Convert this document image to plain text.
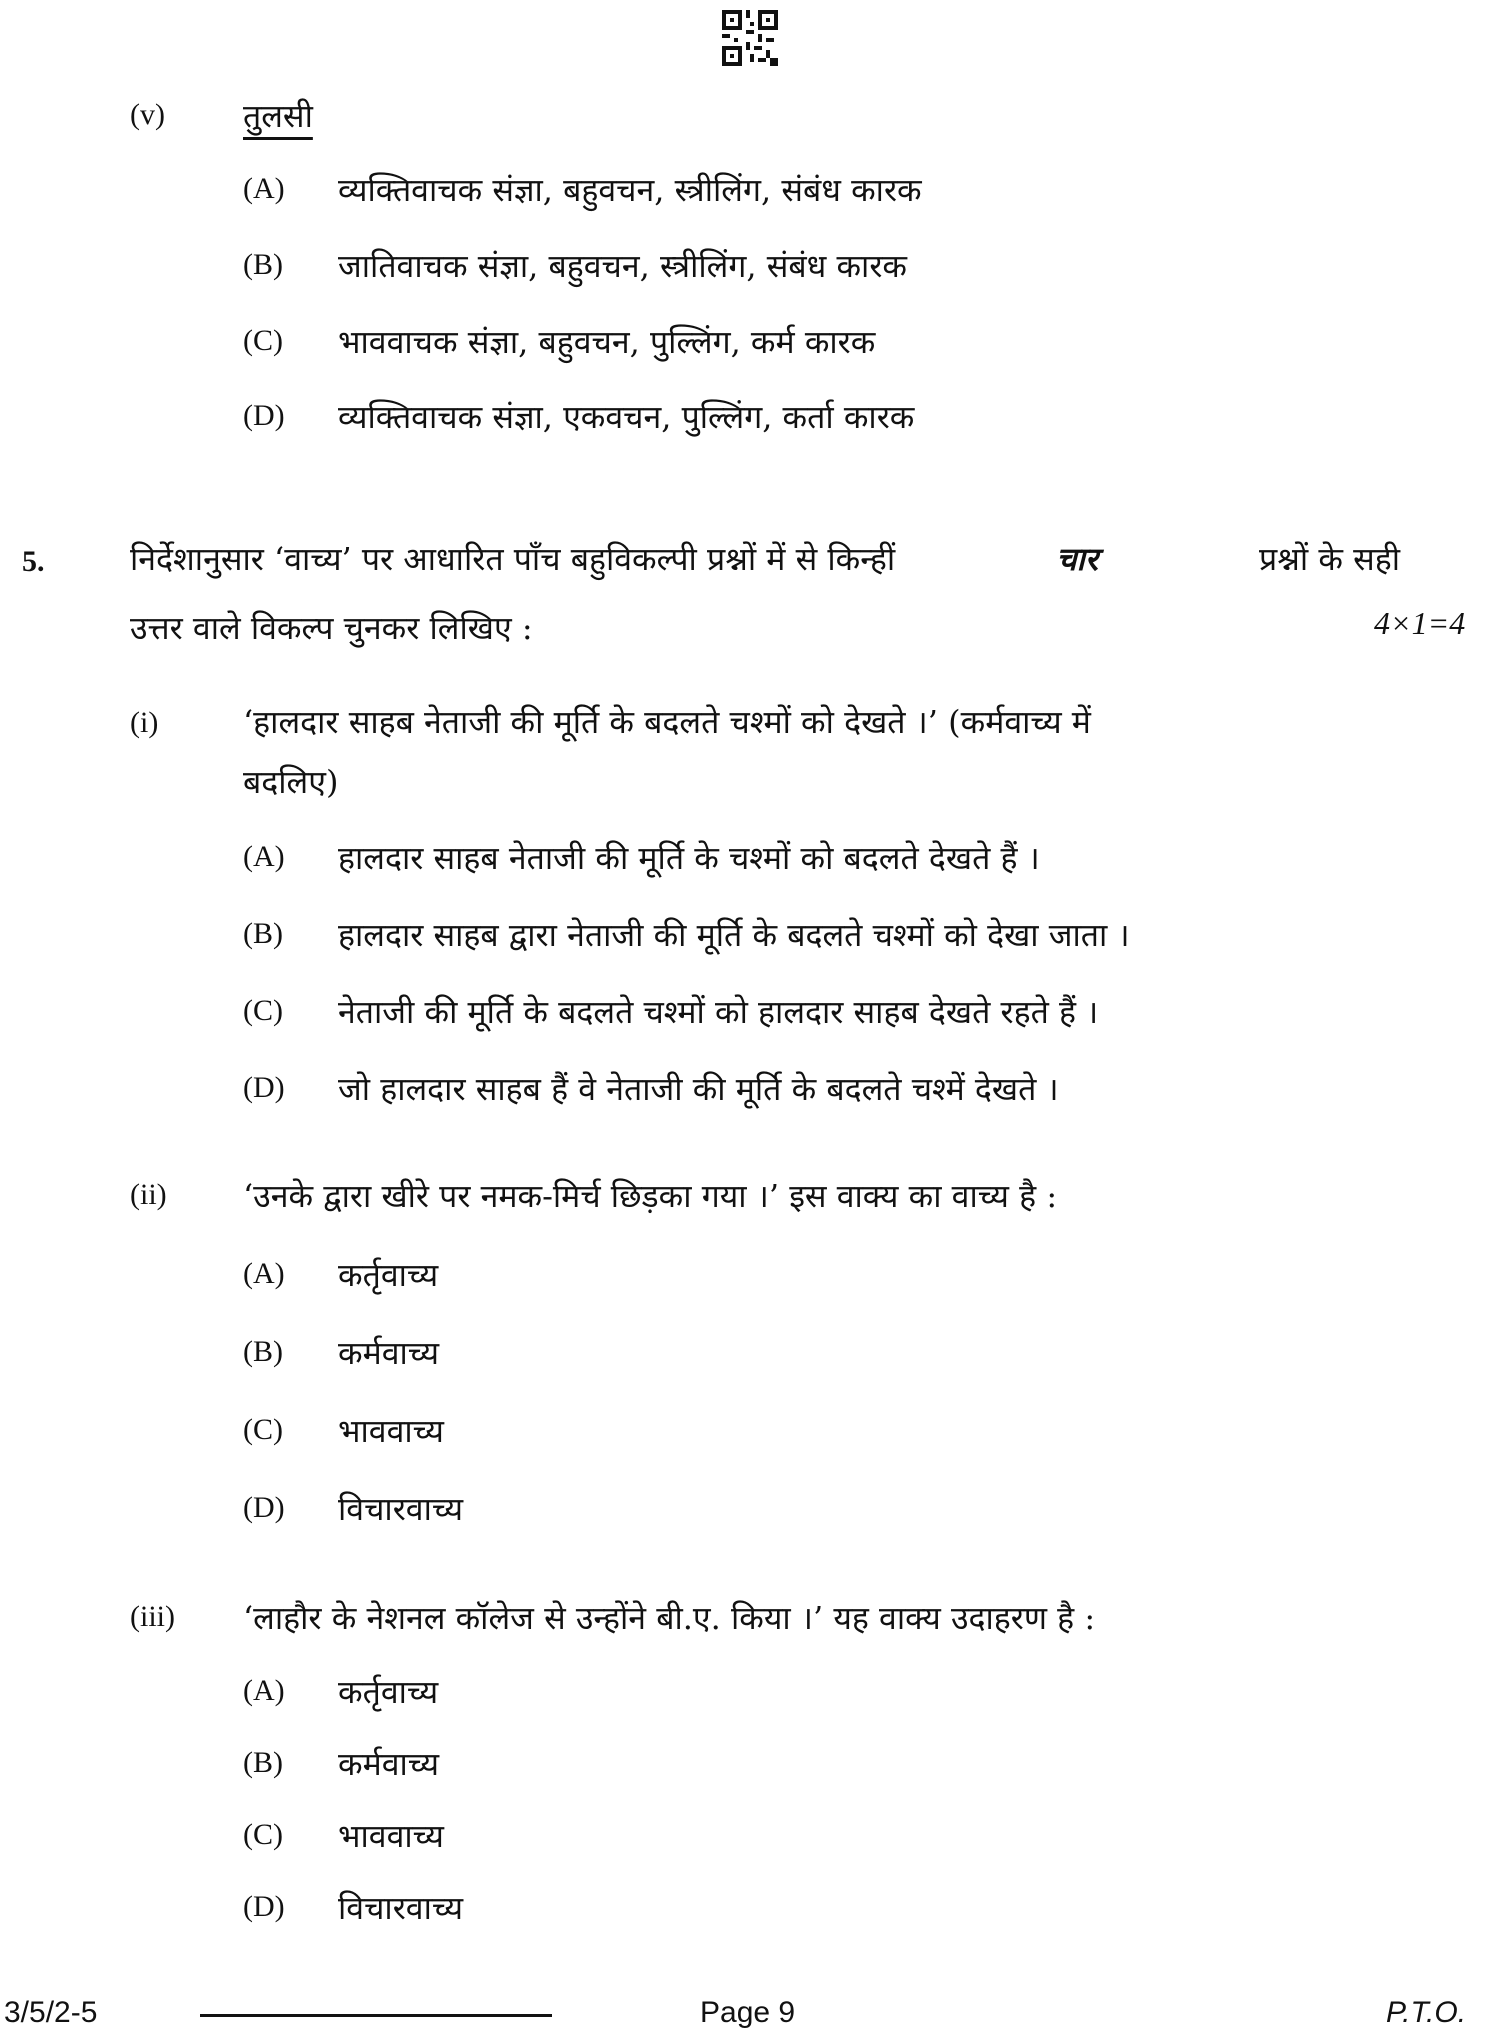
(v) तुलसी
(A) व्यक्तिवाचक संज्ञा, बहुवचन, स्त्रीलिंग, संबंध कारक
(B) जातिवाचक संज्ञा, बहुवचन, स्त्रीलिंग, संबंध कारक
(C) भाववाचक संज्ञा, बहुवचन, पुल्लिंग, कर्म कारक
(D) व्यक्तिवाचक संज्ञा, एकवचन, पुल्लिंग, कर्ता कारक
5.	निर्देशानुसार ‘वाच्य’ पर आधारित पाँच बहुविकल्पी प्रश्नों में से किन्हीं	चार	प्रश्नों के सही
उत्तर वाले विकल्प चुनकर लिखिए :	4×1=4
(i)	‘हालदार साहब नेताजी की मूर्ति के बदलते चश्मों को देखते ।’ (कर्मवाच्य में
बदलिए)
(A) हालदार साहब नेताजी की मूर्ति के चश्मों को बदलते देखते हैं ।
(B) हालदार साहब द्वारा नेताजी की मूर्ति के बदलते चश्मों को देखा जाता ।
(C) नेताजी की मूर्ति के बदलते चश्मों को हालदार साहब देखते रहते हैं ।
(D) जो हालदार साहब हैं वे नेताजी की मूर्ति के बदलते चश्में देखते ।
(ii) ‘उनके द्वारा खीरे पर नमक-मिर्च छिड़का गया ।’ इस वाक्य का वाच्य है :
(A) कर्तृवाच्य
(B) कर्मवाच्य
(C) भाववाच्य
(D) विचारवाच्य
(iii) ‘लाहौर के नेशनल कॉलेज से उन्होंने बी.ए. किया ।’ यह वाक्य उदाहरण है :
(A) कर्तृवाच्य
(B) कर्मवाच्य
(C) भाववाच्य
(D) विचारवाच्य
3/5/2-5	Page 9	P.T.O.
